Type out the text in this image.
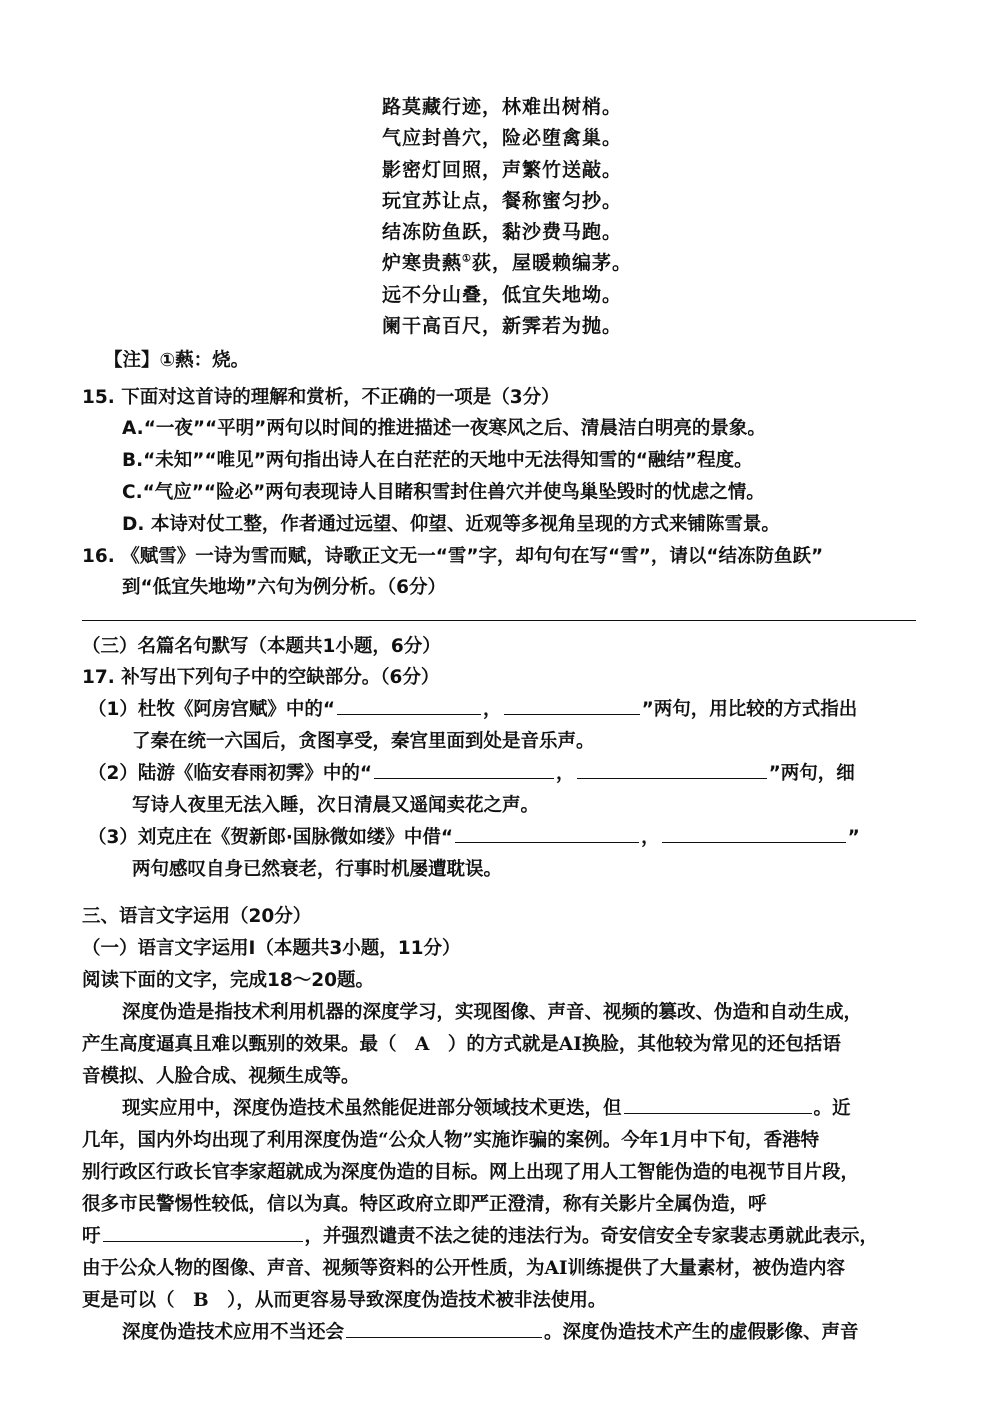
路莫藏行迹，林难出树梢。
气应封兽穴，险必堕禽巢。
影密灯回照，声繁竹送敲。
玩宜苏让点，餐称蜜匀抄。
结冻防鱼跃，黏沙费马跑。
炉寒贵爇①荻，屋暖赖编茅。
远不分山叠，低宜失地坳。
阑干高百尺，新霁若为抛。
【注】①爇：烧。
15. 下面对这首诗的理解和赏析，不正确的一项是（3分）
A.“一夜”“平明”两句以时间的推进描述一夜寒风之后、清晨洁白明亮的景象。
B.“未知”“唯见”两句指出诗人在白茫茫的天地中无法得知雪的“融结”程度。
C.“气应”“险必”两句表现诗人目睹积雪封住兽穴并使鸟巢坠毁时的忧虑之情。
D. 本诗对仗工整，作者通过远望、仰望、近观等多视角呈现的方式来铺陈雪景。
16. 《赋雪》一诗为雪而赋，诗歌正文无一“雪”字，却句句在写“雪”，请以“结冻防鱼跃”
到“低宜失地坳”六句为例分析。（6分）
（三）名篇名句默写（本题共1小题，6分）
17. 补写出下列句子中的空缺部分。（6分）
（1）杜牧《阿房宫赋》中的“	，	”两句，用比较的方式指出
了秦在统一六国后，贪图享受，秦宫里面到处是音乐声。
（2）陆游《临安春雨初霁》中的“	，	”两句，细
写诗人夜里无法入睡，次日清晨又遥闻卖花之声。
（3）刘克庄在《贺新郎·国脉微如缕》中借“	，	”
两句感叹自身已然衰老，行事时机屡遭耽误。
三、语言文字运用（20分）
（一）语言文字运用Ⅰ（本题共3小题，11分）
阅读下面的文字，完成18～20题。
深度伪造是指技术利用机器的深度学习，实现图像、声音、视频的篡改、伪造和自动生成，
产生高度逼真且难以甄别的效果。最（　A　）的方式就是AI换脸，其他较为常见的还包括语
音模拟、人脸合成、视频生成等。
现实应用中，深度伪造技术虽然能促进部分领域技术更迭，但	。近
几年，国内外均出现了利用深度伪造“公众人物”实施诈骗的案例。今年1月中下旬，香港特
别行政区行政长官李家超就成为深度伪造的目标。网上出现了用人工智能伪造的电视节目片段，
很多市民警惕性较低，信以为真。特区政府立即严正澄清，称有关影片全属伪造，呼
吁	，并强烈谴责不法之徒的违法行为。奇安信安全专家裴志勇就此表示，
由于公众人物的图像、声音、视频等资料的公开性质，为AI训练提供了大量素材，被伪造内容
更是可以（　B　），从而更容易导致深度伪造技术被非法使用。
深度伪造技术应用不当还会	。深度伪造技术产生的虚假影像、声音
